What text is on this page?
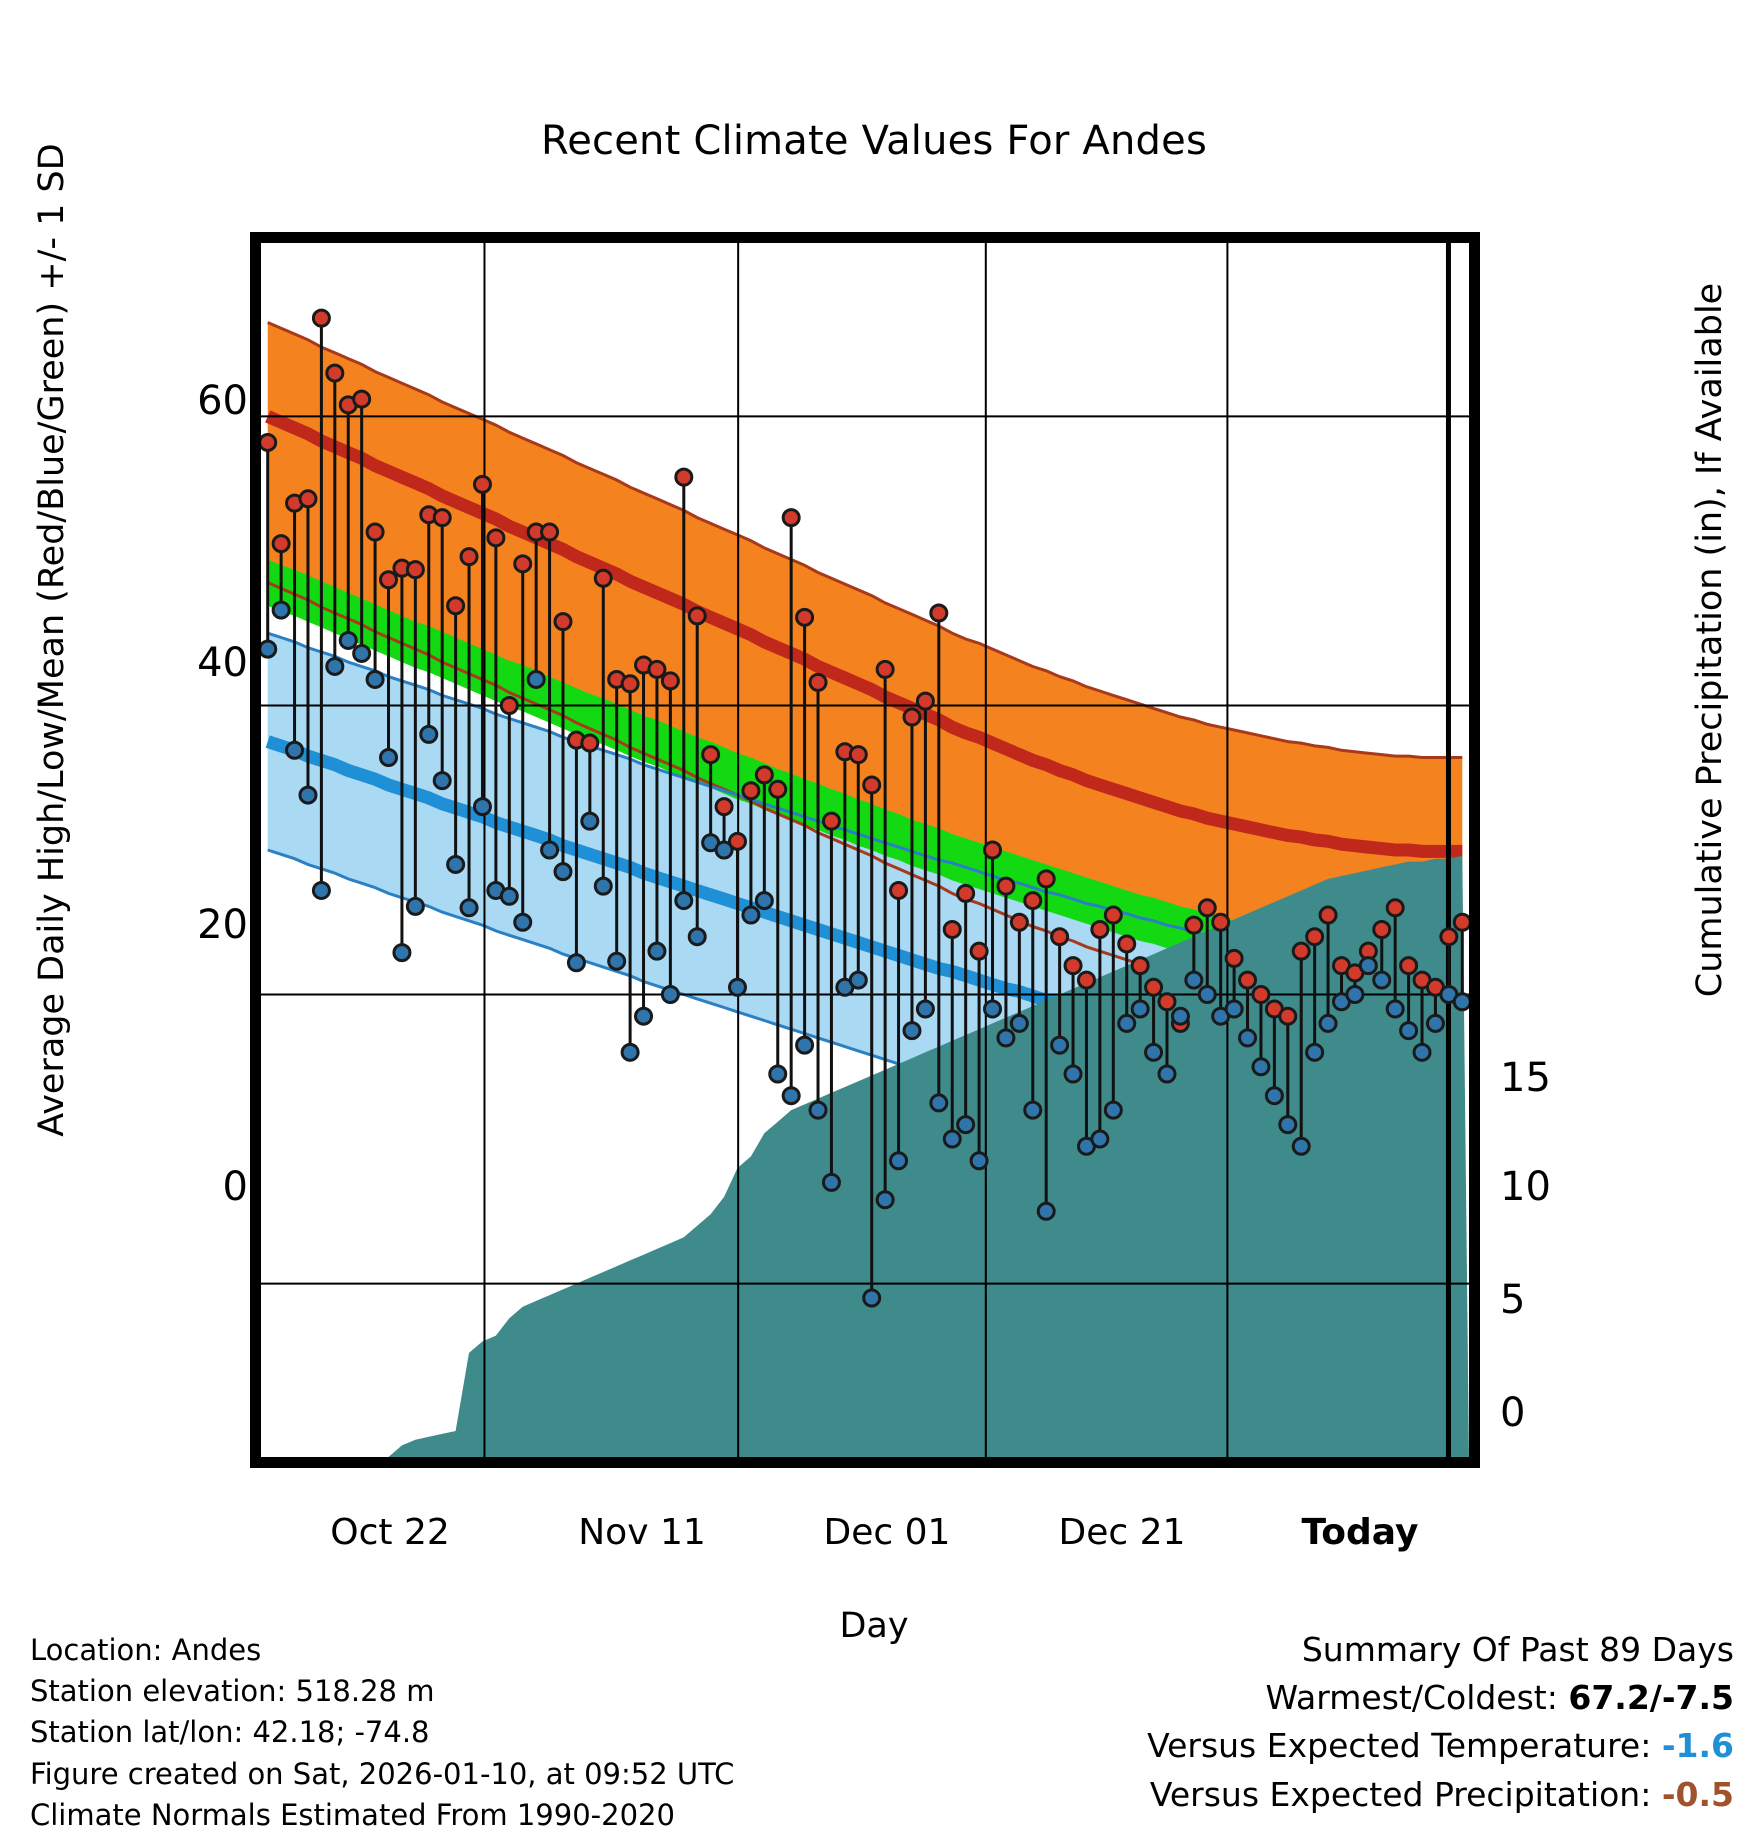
Recent Climate Values For Andes
Average Daily High/Low/Mean (Red/Blue/Green) +/- 1 SD	Cumulative Precipitation (in), If Available
Day
60
40
20
0
15
10
5
0
Oct 22	Nov 11	Dec 01	Dec 21	Today
Location: Andes
Station elevation: 518.28 m
Station lat/lon: 42.18; -74.8
Figure created on Sat, 2026-01-10, at 09:52 UTC
Climate Normals Estimated From 1990-2020
Summary Of Past 89 Days
Warmest/Coldest: 67.2/-7.5
Versus Expected Temperature: -1.6
Versus Expected Precipitation: -0.5
